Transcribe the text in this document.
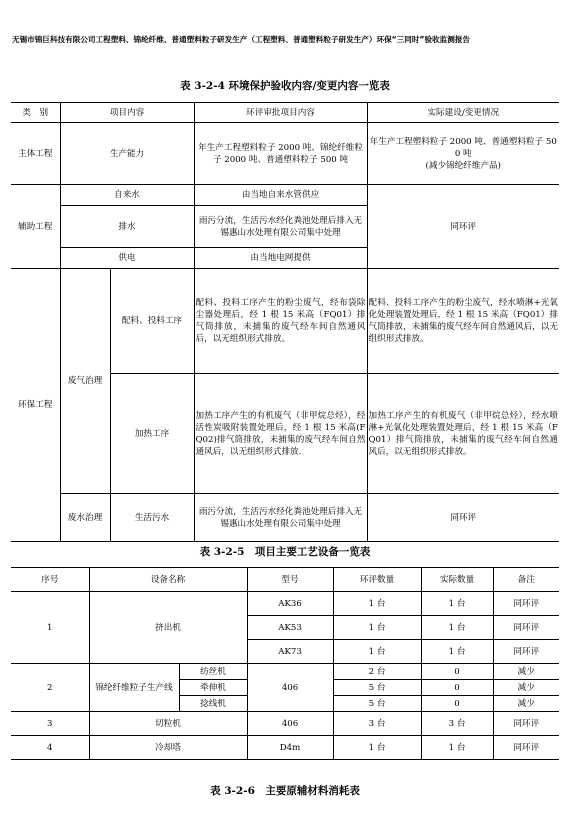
无锡市锦巨科技有限公司工程塑料、锦纶纤维、普通塑料粒子研发生产（工程塑料、普通塑料粒子研发生产）环保“三同时”验收监测报告
表 3-2-4 环境保护验收内容/变更内容一览表
类　别	项目内容		环评审批项目内容	实际建设/变更情况
主体工程	生产能力		年生产工程塑料粒子 2000 吨、锦纶纤维粒子 2000 吨、普通塑料粒子 500 吨	年生产工程塑料粒子 2000 吨、普通塑料粒子 500 吨
(减少锦纶纤维产品)
辅助工程	自来水		由当地自来水管供应	同环评
	排水		雨污分流，生活污水经化粪池处理后排入无锡惠山水处理有限公司集中处理	
	供电		由当地电网提供	
环保工程	废气治理	配料、投料工序	配料、投料工序产生的粉尘废气，经布袋除尘器处理后，经 1 根 15 米高（FQ01）排气筒排放，未捕集的废气经车间自然通风后，以无组织形式排放。	配料、投料工序产生的粉尘废气，经水喷淋+光氧化处理装置处理后，经 1 根 15 米高（FQ01）排气筒排放，未捕集的废气经车间自然通风后，以无组织形式排放。
		加热工序	加热工序产生的有机废气（非甲烷总烃），经活性炭吸附装置处理后，经 1 根 15 米高(FQ02)排气筒排放，未捕集的废气经车间自然通风后，以无组织形式排放.	加热工序产生的有机废气（非甲烷总烃），经水喷淋+光氧化处理装置处理后，经 1 根 15 米高（FQ01）排气筒排放，未捕集的废气经车间自然通风后，以无组织形式排放。
	废水治理	生活污水	雨污分流，生活污水经化粪池处理后排入无锡惠山水处理有限公司集中处理	同环评
表 3-2-5　项目主要工艺设备一览表
序号	设备名称		型号	环评数量	实际数量	备注
1	挤出机		AK36	1 台	1 台	同环评
			AK53	1 台	1 台	同环评
			AK73	1 台	1 台	同环评
2	锦纶纤维粒子生产线	纺丝机	406	2 台	0	减少
		牵伸机		5 台	0	减少
		捻线机		5 台	0	减少
3	切粒机		406	3 台	3 台	同环评
4	冷却塔		D4m	1 台	1 台	同环评
表 3-2-6　主要原辅材料消耗表
